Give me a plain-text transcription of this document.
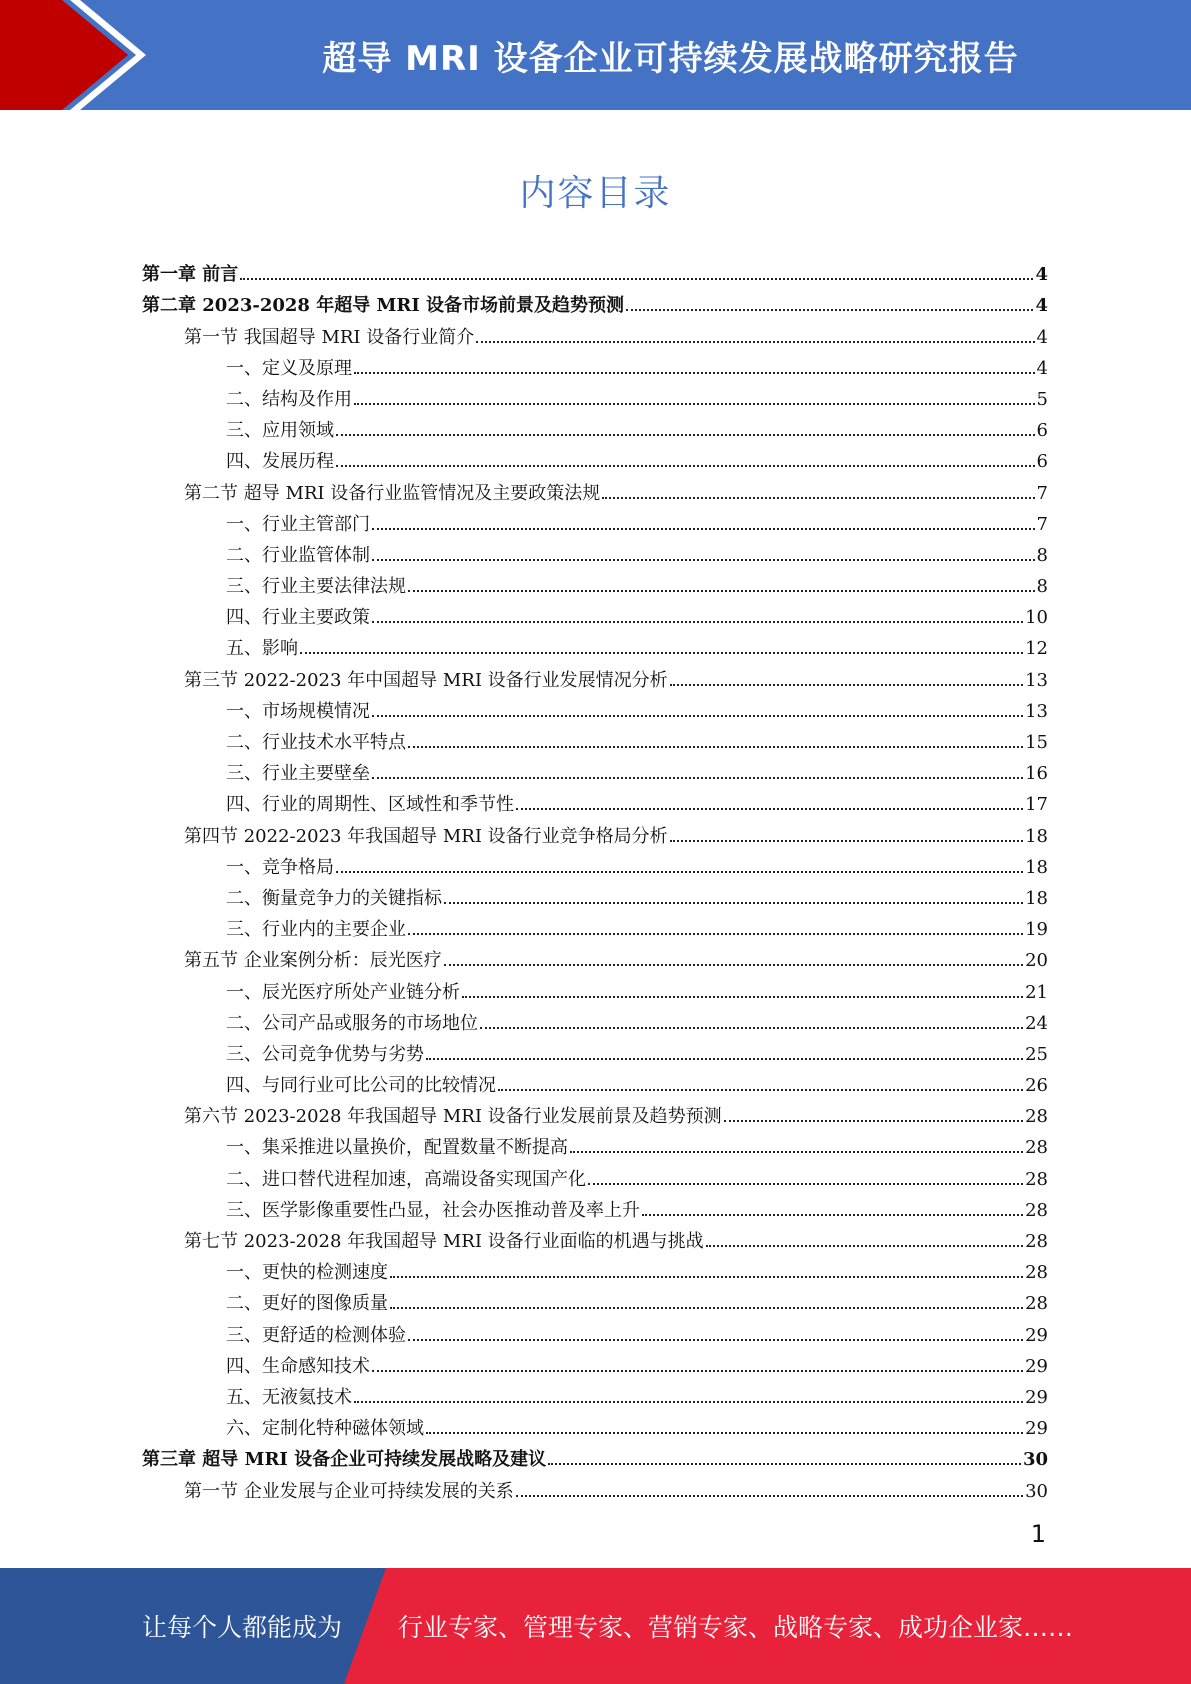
超导 MRI 设备企业可持续发展战略研究报告
内容目录
第一章 前言	4
第二章 2023-2028 年超导 MRI 设备市场前景及趋势预测	4
第一节 我国超导 MRI 设备行业简介	4
一、定义及原理	4
二、结构及作用	5
三、应用领域	6
四、发展历程	6
第二节 超导 MRI 设备行业监管情况及主要政策法规	7
一、行业主管部门	7
二、行业监管体制	8
三、行业主要法律法规	8
四、行业主要政策	10
五、影响	12
第三节 2022-2023 年中国超导 MRI 设备行业发展情况分析	13
一、市场规模情况	13
二、行业技术水平特点	15
三、行业主要壁垒	16
四、行业的周期性、区域性和季节性	17
第四节 2022-2023 年我国超导 MRI 设备行业竞争格局分析	18
一、竞争格局	18
二、衡量竞争力的关键指标	18
三、行业内的主要企业	19
第五节 企业案例分析：辰光医疗	20
一、辰光医疗所处产业链分析	21
二、公司产品或服务的市场地位	24
三、公司竞争优势与劣势	25
四、与同行业可比公司的比较情况	26
第六节 2023-2028 年我国超导 MRI 设备行业发展前景及趋势预测	28
一、集采推进以量换价，配置数量不断提高	28
二、进口替代进程加速，高端设备实现国产化	28
三、医学影像重要性凸显，社会办医推动普及率上升	28
第七节 2023-2028 年我国超导 MRI 设备行业面临的机遇与挑战	28
一、更快的检测速度	28
二、更好的图像质量	28
三、更舒适的检测体验	29
四、生命感知技术	29
五、无液氦技术	29
六、定制化特种磁体领域	29
第三章 超导 MRI 设备企业可持续发展战略及建议	30
第一节 企业发展与企业可持续发展的关系	30
1
让每个人都能成为 行业专家、管理专家、营销专家、战略专家、成功企业家……
